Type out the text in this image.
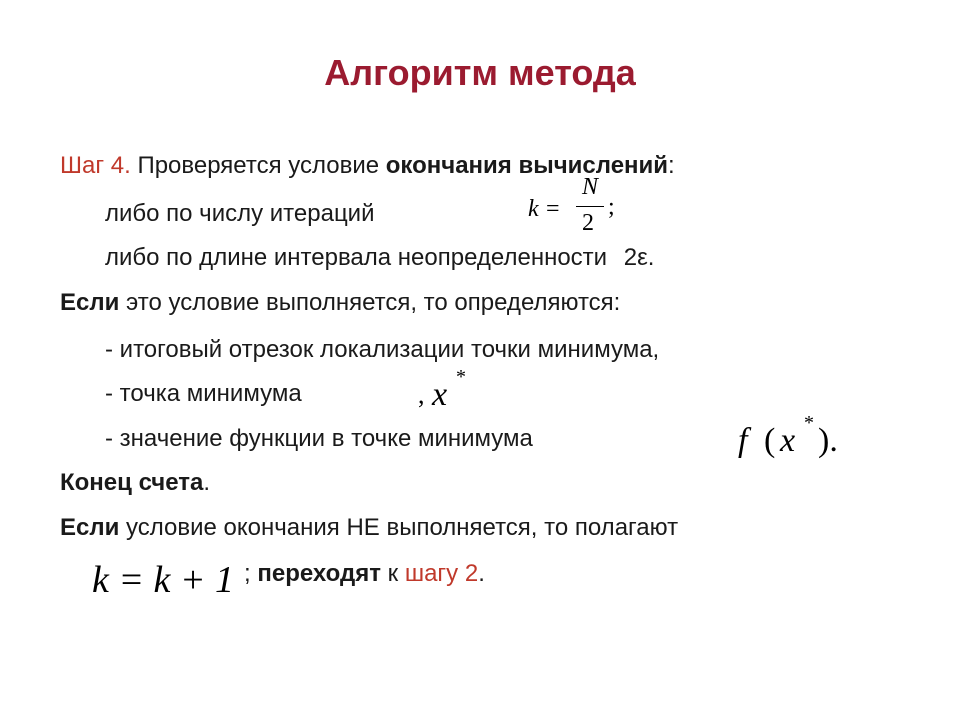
Алгоритм метода
Шаг 4. Проверяется условие окончания вычислений:
либо по числу итераций	k =
N
2
;
либо по длине интервала неопределенности 2ε.
Если это условие выполняется, то определяются:
- итоговый отрезок локализации точки минимума,
- точка минимума	, x *
- значение функции в точке минимума	f ( x * ).
Конец счета.
Если условие окончания НЕ выполняется, то полагают
k = k + 1 ; переходят к шагу 2.
